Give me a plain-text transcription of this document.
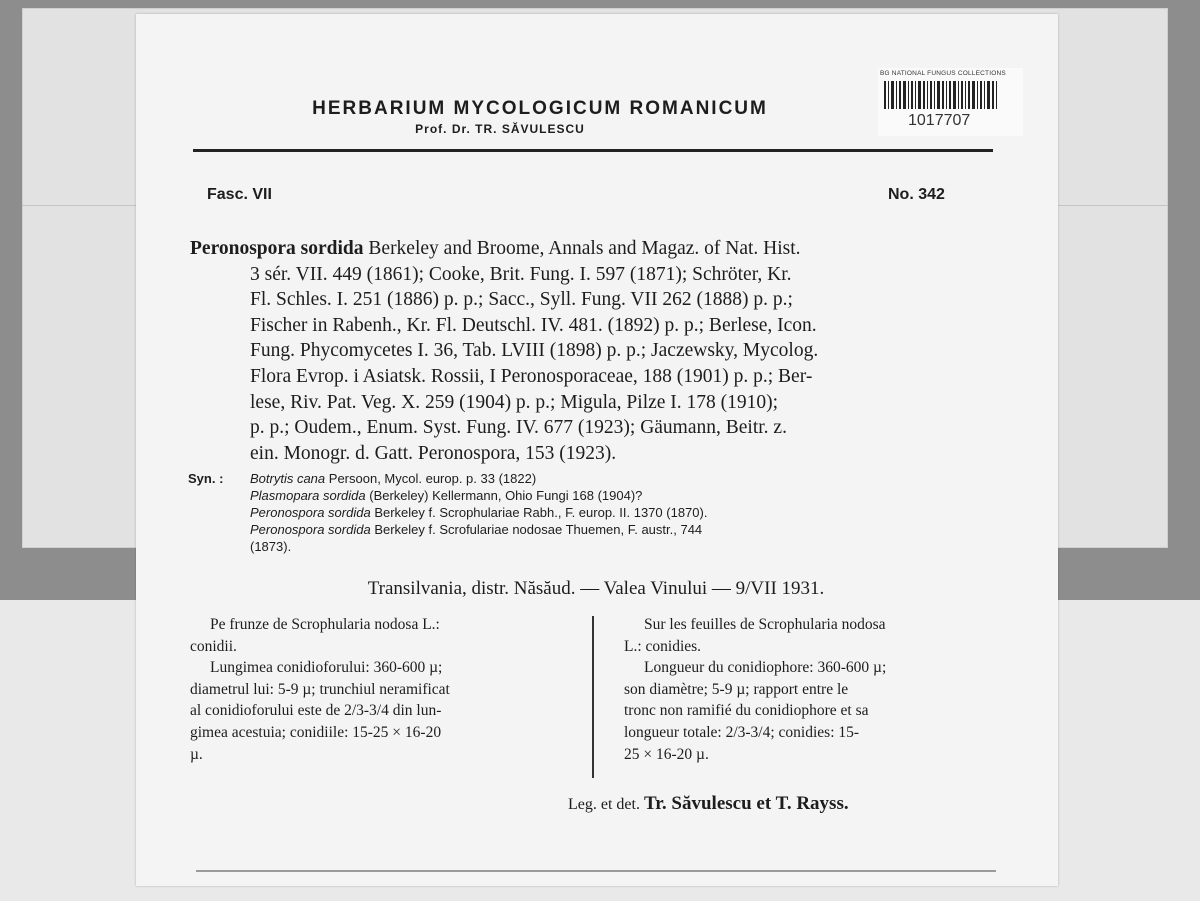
HERBARIUM MYCOLOGICUM ROMANICUM
Prof. Dr. TR. SĂVULESCU
BG NATIONAL FUNGUS COLLECTIONS
1017707
Fasc. VII	No. 342
Peronospora sordida Berkeley and Broome, Annals and Magaz. of Nat. Hist.
3 sér. VII. 449 (1861); Cooke, Brit. Fung. I. 597 (1871); Schröter, Kr.
Fl. Schles. I. 251 (1886) p. p.; Sacc., Syll. Fung. VII 262 (1888) p. p.;
Fischer in Rabenh., Kr. Fl. Deutschl. IV. 481. (1892) p. p.; Berlese, Icon.
Fung. Phycomycetes I. 36, Tab. LVIII (1898) p. p.; Jaczewsky, Mycolog.
Flora Evrop. i Asiatsk. Rossii, I Peronosporaceae, 188 (1901) p. p.; Ber-
lese, Riv. Pat. Veg. X. 259 (1904) p. p.; Migula, Pilze I. 178 (1910);
p. p.; Oudem., Enum. Syst. Fung. IV. 677 (1923); Gäumann, Beitr. z.
ein. Monogr. d. Gatt. Peronospora, 153 (1923).
Syn. : Botrytis cana Persoon, Mycol. europ. p. 33 (1822)
Plasmopara sordida (Berkeley) Kellermann, Ohio Fungi 168 (1904)?
Peronospora sordida Berkeley f. Scrophulariae Rabh., F. europ. II. 1370 (1870).
Peronospora sordida Berkeley f. Scrofulariae nodosae Thuemen, F. austr., 744
(1873).
Transilvania, distr. Năsăud. — Valea Vinului — 9/VII 1931.
Pe frunze de Scrophularia nodosa L.:
conidii.
Lungimea conidioforului: 360-600 µ;
diametrul lui: 5-9 µ; trunchiul neramificat
al conidioforului este de 2/3-3/4 din lun-
gimea acestuia; conidiile: 15-25 × 16-20
µ.
Sur les feuilles de Scrophularia nodosa
L.: conidies.
Longueur du conidiophore: 360-600 µ;
son diamètre; 5-9 µ; rapport entre le
tronc non ramifié du conidiophore et sa
longueur totale: 2/3-3/4; conidies: 15-
25 × 16-20 µ.
Leg. et det. Tr. Săvulescu et T. Rayss.
